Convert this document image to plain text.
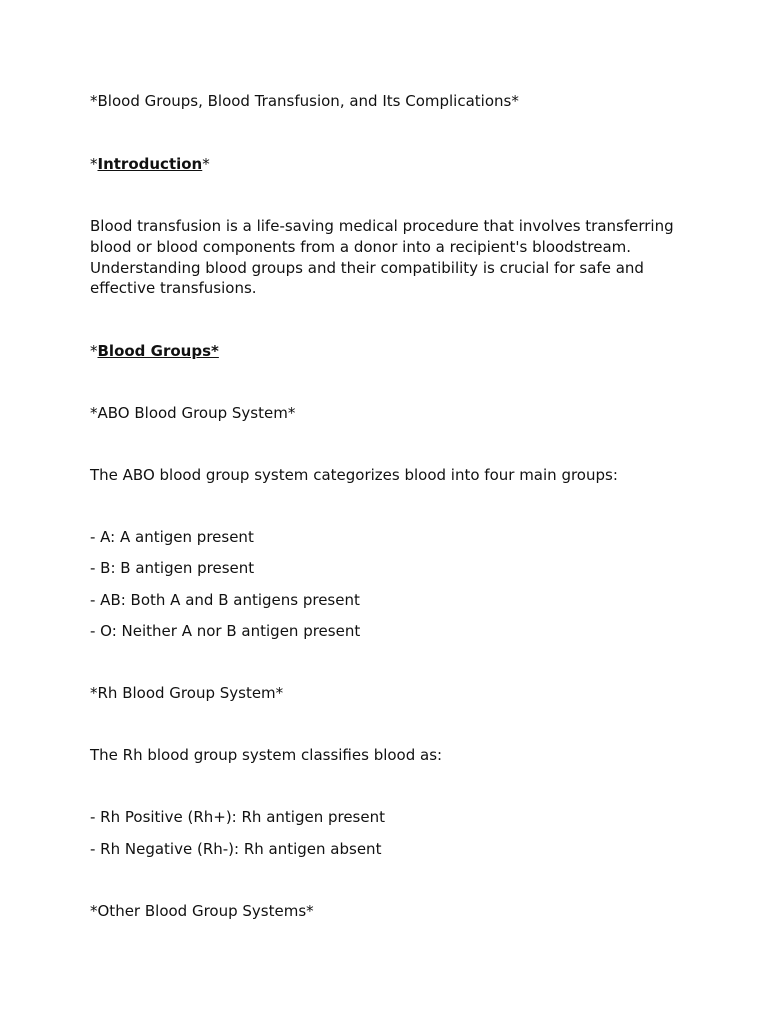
*Blood Groups, Blood Transfusion, and Its Complications*
*Introduction*
Blood transfusion is a life-saving medical procedure that involves transferring
blood or blood components from a donor into a recipient's bloodstream.
Understanding blood groups and their compatibility is crucial for safe and
effective transfusions.
*Blood Groups*
*ABO Blood Group System*
The ABO blood group system categorizes blood into four main groups:
- A: A antigen present
- B: B antigen present
- AB: Both A and B antigens present
- O: Neither A nor B antigen present
*Rh Blood Group System*
The Rh blood group system classifies blood as:
- Rh Positive (Rh+): Rh antigen present
- Rh Negative (Rh-): Rh antigen absent
*Other Blood Group Systems*
